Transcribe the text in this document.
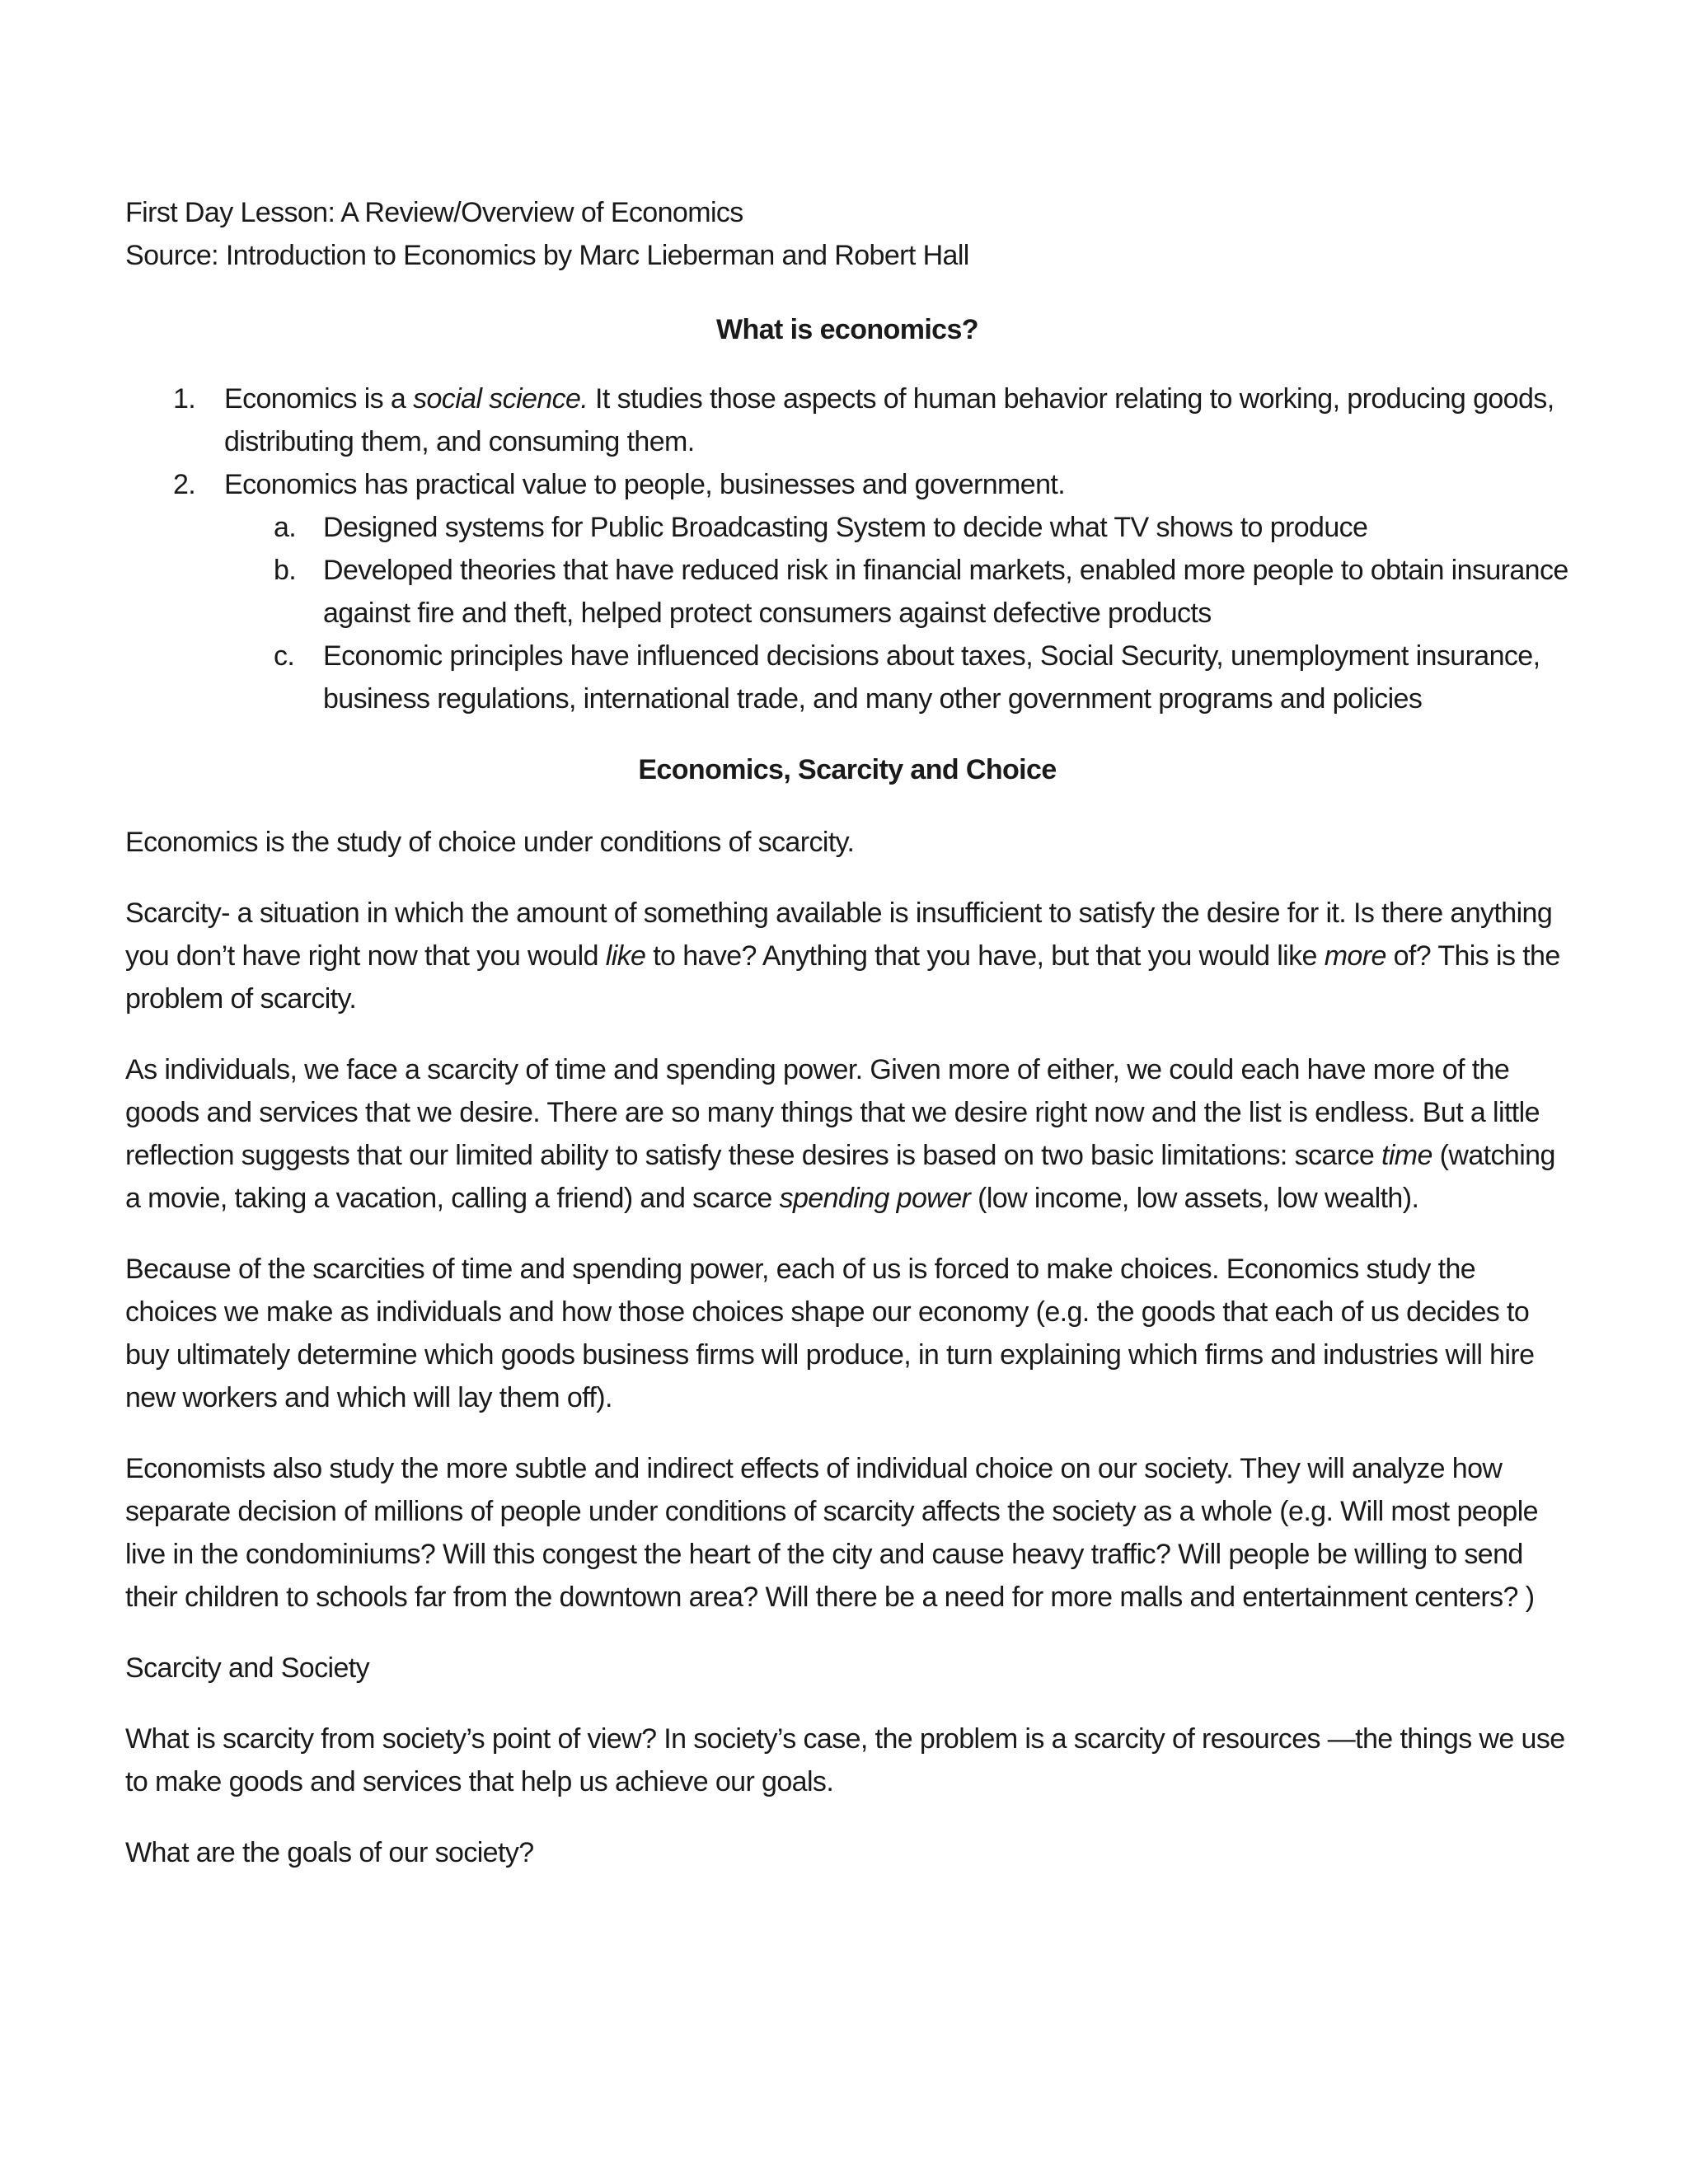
First Day Lesson: A Review/Overview of Economics

Source: Introduction to Economics by Marc Lieberman and Robert Hall

What is economics?

1. Economics is a social science. It studies those aspects of human behavior relating to working, producing goods, distributing them, and consuming them.
2. Economics has practical value to people, businesses and government.
a. Designed systems for Public Broadcasting System to decide what TV shows to produce
b. Developed theories that have reduced risk in financial markets, enabled more people to obtain insurance against fire and theft, helped protect consumers against defective products
c. Economic principles have influenced decisions about taxes, Social Security, unemployment insurance, business regulations, international trade, and many other government programs and policies

Economics, Scarcity and Choice

Economics is the study of choice under conditions of scarcity.

Scarcity- a situation in which the amount of something available is insufficient to satisfy the desire for it. Is there anything you don’t have right now that you would like to have? Anything that you have, but that you would like more of? This is the problem of scarcity.

As individuals, we face a scarcity of time and spending power. Given more of either, we could each have more of the goods and services that we desire. There are so many things that we desire right now and the list is endless. But a little reflection suggests that our limited ability to satisfy these desires is based on two basic limitations: scarce time (watching a movie, taking a vacation, calling a friend) and scarce spending power (low income, low assets, low wealth).

Because of the scarcities of time and spending power, each of us is forced to make choices. Economics study the choices we make as individuals and how those choices shape our economy (e.g. the goods that each of us decides to buy ultimately determine which goods business firms will produce, in turn explaining which firms and industries will hire new workers and which will lay them off).

Economists also study the more subtle and indirect effects of individual choice on our society. They will analyze how separate decision of millions of people under conditions of scarcity affects the society as a whole (e.g. Will most people live in the condominiums? Will this congest the heart of the city and cause heavy traffic? Will people be willing to send their children to schools far from the downtown area? Will there be a need for more malls and entertainment centers? )

Scarcity and Society

What is scarcity from society’s point of view? In society’s case, the problem is a scarcity of resources —the things we use to make goods and services that help us achieve our goals.

What are the goals of our society?
